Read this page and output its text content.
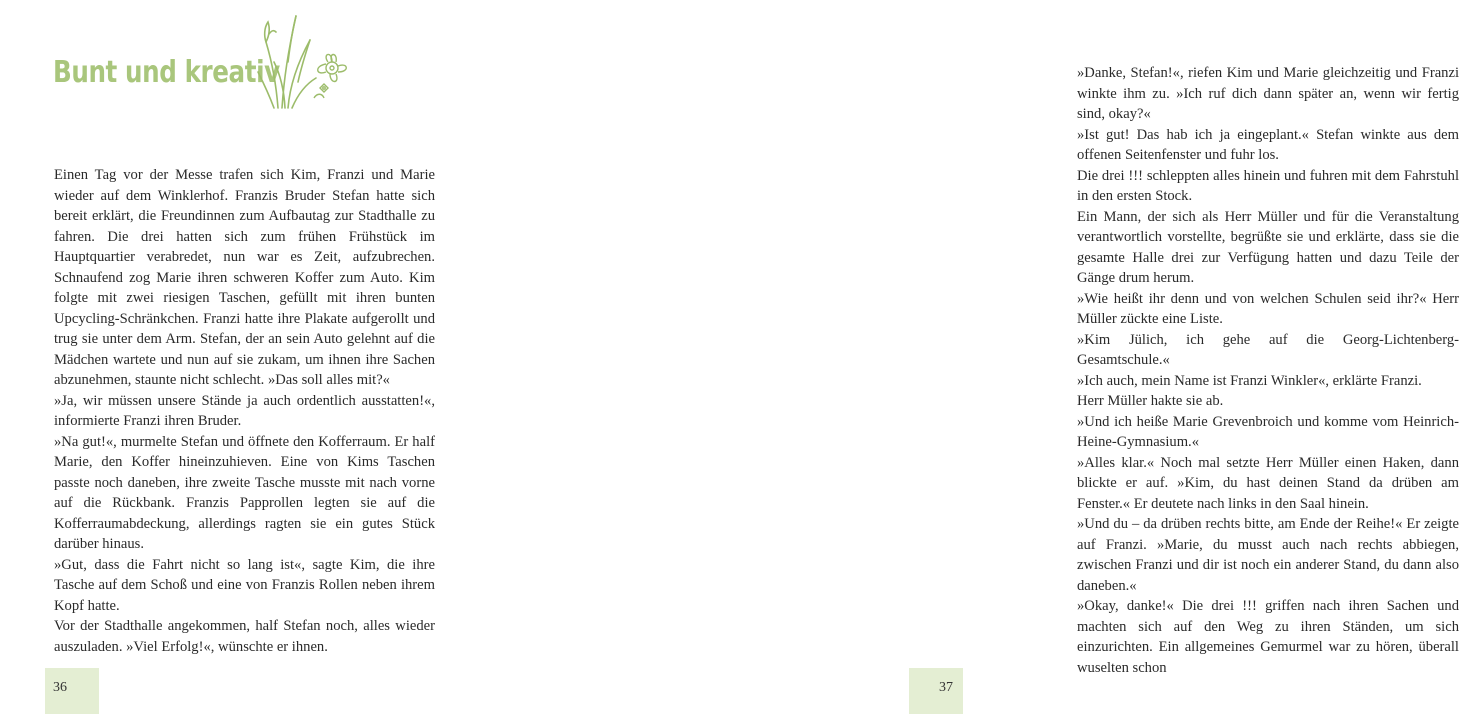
Bunt und kreativ

Einen Tag vor der Messe trafen sich Kim, Franzi und Marie wieder auf dem Winklerhof. Franzis Bruder Stefan hatte sich bereit erklärt, die Freundinnen zum Aufbautag zur Stadthalle zu fahren. Die drei hatten sich zum frühen Frühstück im Hauptquartier verabredet, nun war es Zeit, aufzubrechen. Schnaufend zog Marie ihren schweren Koffer zum Auto. Kim folgte mit zwei riesigen Taschen, gefüllt mit ihren bunten Upcycling-Schränkchen. Franzi hatte ihre Plakate aufgerollt und trug sie unter dem Arm. Stefan, der an sein Auto gelehnt auf die Mädchen wartete und nun auf sie zukam, um ihnen ihre Sachen abzunehmen, staunte nicht schlecht. »Das soll alles mit?«

»Ja, wir müssen unsere Stände ja auch ordentlich ausstatten!«, informierte Franzi ihren Bruder.

»Na gut!«, murmelte Stefan und öffnete den Kofferraum. Er half Marie, den Koffer hineinzuhieven. Eine von Kims Taschen passte noch daneben, ihre zweite Tasche musste mit nach vorne auf die Rückbank. Franzis Papprollen legten sie auf die Kofferraumabdeckung, allerdings ragten sie ein gutes Stück darüber hinaus.

»Gut, dass die Fahrt nicht so lang ist«, sagte Kim, die ihre Tasche auf dem Schoß und eine von Franzis Rollen neben ihrem Kopf hatte.

Vor der Stadthalle angekommen, half Stefan noch, alles wieder auszuladen. »Viel Erfolg!«, wünschte er ihnen.

36

»Danke, Stefan!«, riefen Kim und Marie gleichzeitig und Franzi winkte ihm zu. »Ich ruf dich dann später an, wenn wir fertig sind, okay?«

»Ist gut! Das hab ich ja eingeplant.« Stefan winkte aus dem offenen Seitenfenster und fuhr los.

Die drei !!! schleppten alles hinein und fuhren mit dem Fahrstuhl in den ersten Stock.

Ein Mann, der sich als Herr Müller und für die Veranstaltung verantwortlich vorstellte, begrüßte sie und erklärte, dass sie die gesamte Halle drei zur Verfügung hatten und dazu Teile der Gänge drum herum.

»Wie heißt ihr denn und von welchen Schulen seid ihr?« Herr Müller zückte eine Liste.

»Kim Jülich, ich gehe auf die Georg-Lichtenberg-Gesamtschule.«

»Ich auch, mein Name ist Franzi Winkler«, erklärte Franzi.

Herr Müller hakte sie ab.

»Und ich heiße Marie Grevenbroich und komme vom Heinrich-Heine-Gymnasium.«

»Alles klar.« Noch mal setzte Herr Müller einen Haken, dann blickte er auf. »Kim, du hast deinen Stand da drüben am Fenster.« Er deutete nach links in den Saal hinein.

»Und du – da drüben rechts bitte, am Ende der Reihe!« Er zeigte auf Franzi. »Marie, du musst auch nach rechts abbiegen, zwischen Franzi und dir ist noch ein anderer Stand, du dann also daneben.«

»Okay, danke!« Die drei !!! griffen nach ihren Sachen und machten sich auf den Weg zu ihren Ständen, um sich einzurichten. Ein allgemeines Gemurmel war zu hören, überall wuselten schon

37
